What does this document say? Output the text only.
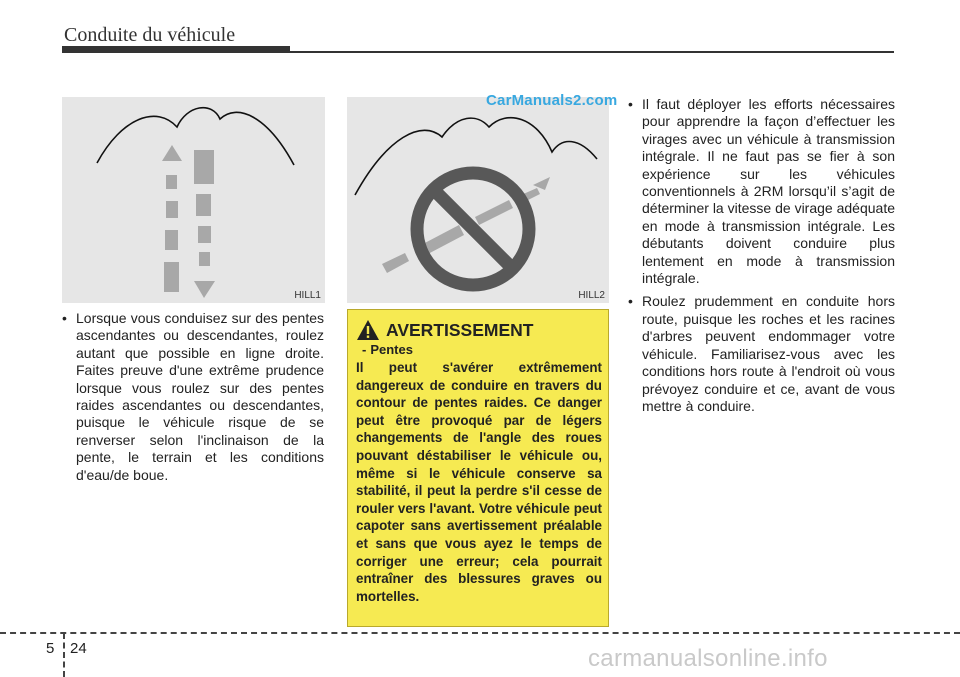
Conduite du véhicule
HILL1	HILL2
CarManuals2.com
• Lorsque vous conduisez sur des pentes ascendantes ou descendantes, roulez autant que possible en ligne droite. Faites preuve d'une extrême prudence lorsque vous roulez sur des pentes raides ascendantes ou descendantes, puisque le véhicule risque de se renverser selon l'inclinaison de la pente, le terrain et les conditions d'eau/de boue.
AVERTISSEMENT
- Pentes
Il peut s'avérer extrêmement dangereux de conduire en travers du contour de pentes raides. Ce danger peut être provoqué par de légers changements de l'angle des roues pouvant déstabiliser le véhicule ou, même si le véhicule conserve sa stabilité, il peut la perdre s'il cesse de rouler vers l'avant. Votre véhicule peut capoter sans avertissement préalable et sans que vous ayez le temps de corriger une erreur; cela pourrait entraîner des blessures graves ou mortelles.
• Il faut déployer les efforts nécessaires pour apprendre la façon d’effectuer les virages avec un véhicule à transmission intégrale. Il ne faut pas se fier à son expérience sur les véhicules conventionnels à 2RM lorsqu’il s’agit de déterminer la vitesse de virage adéquate en mode à transmission intégrale. Les débutants doivent conduire plus lentement en mode à transmission intégrale.
• Roulez prudemment en conduite hors route, puisque les roches et les racines d'arbres peuvent endommager votre véhicule. Familiarisez-vous avec les conditions hors route à l'endroit où vous prévoyez conduire et ce, avant de vous mettre à conduire.
5 24	carmanualsonline.info
